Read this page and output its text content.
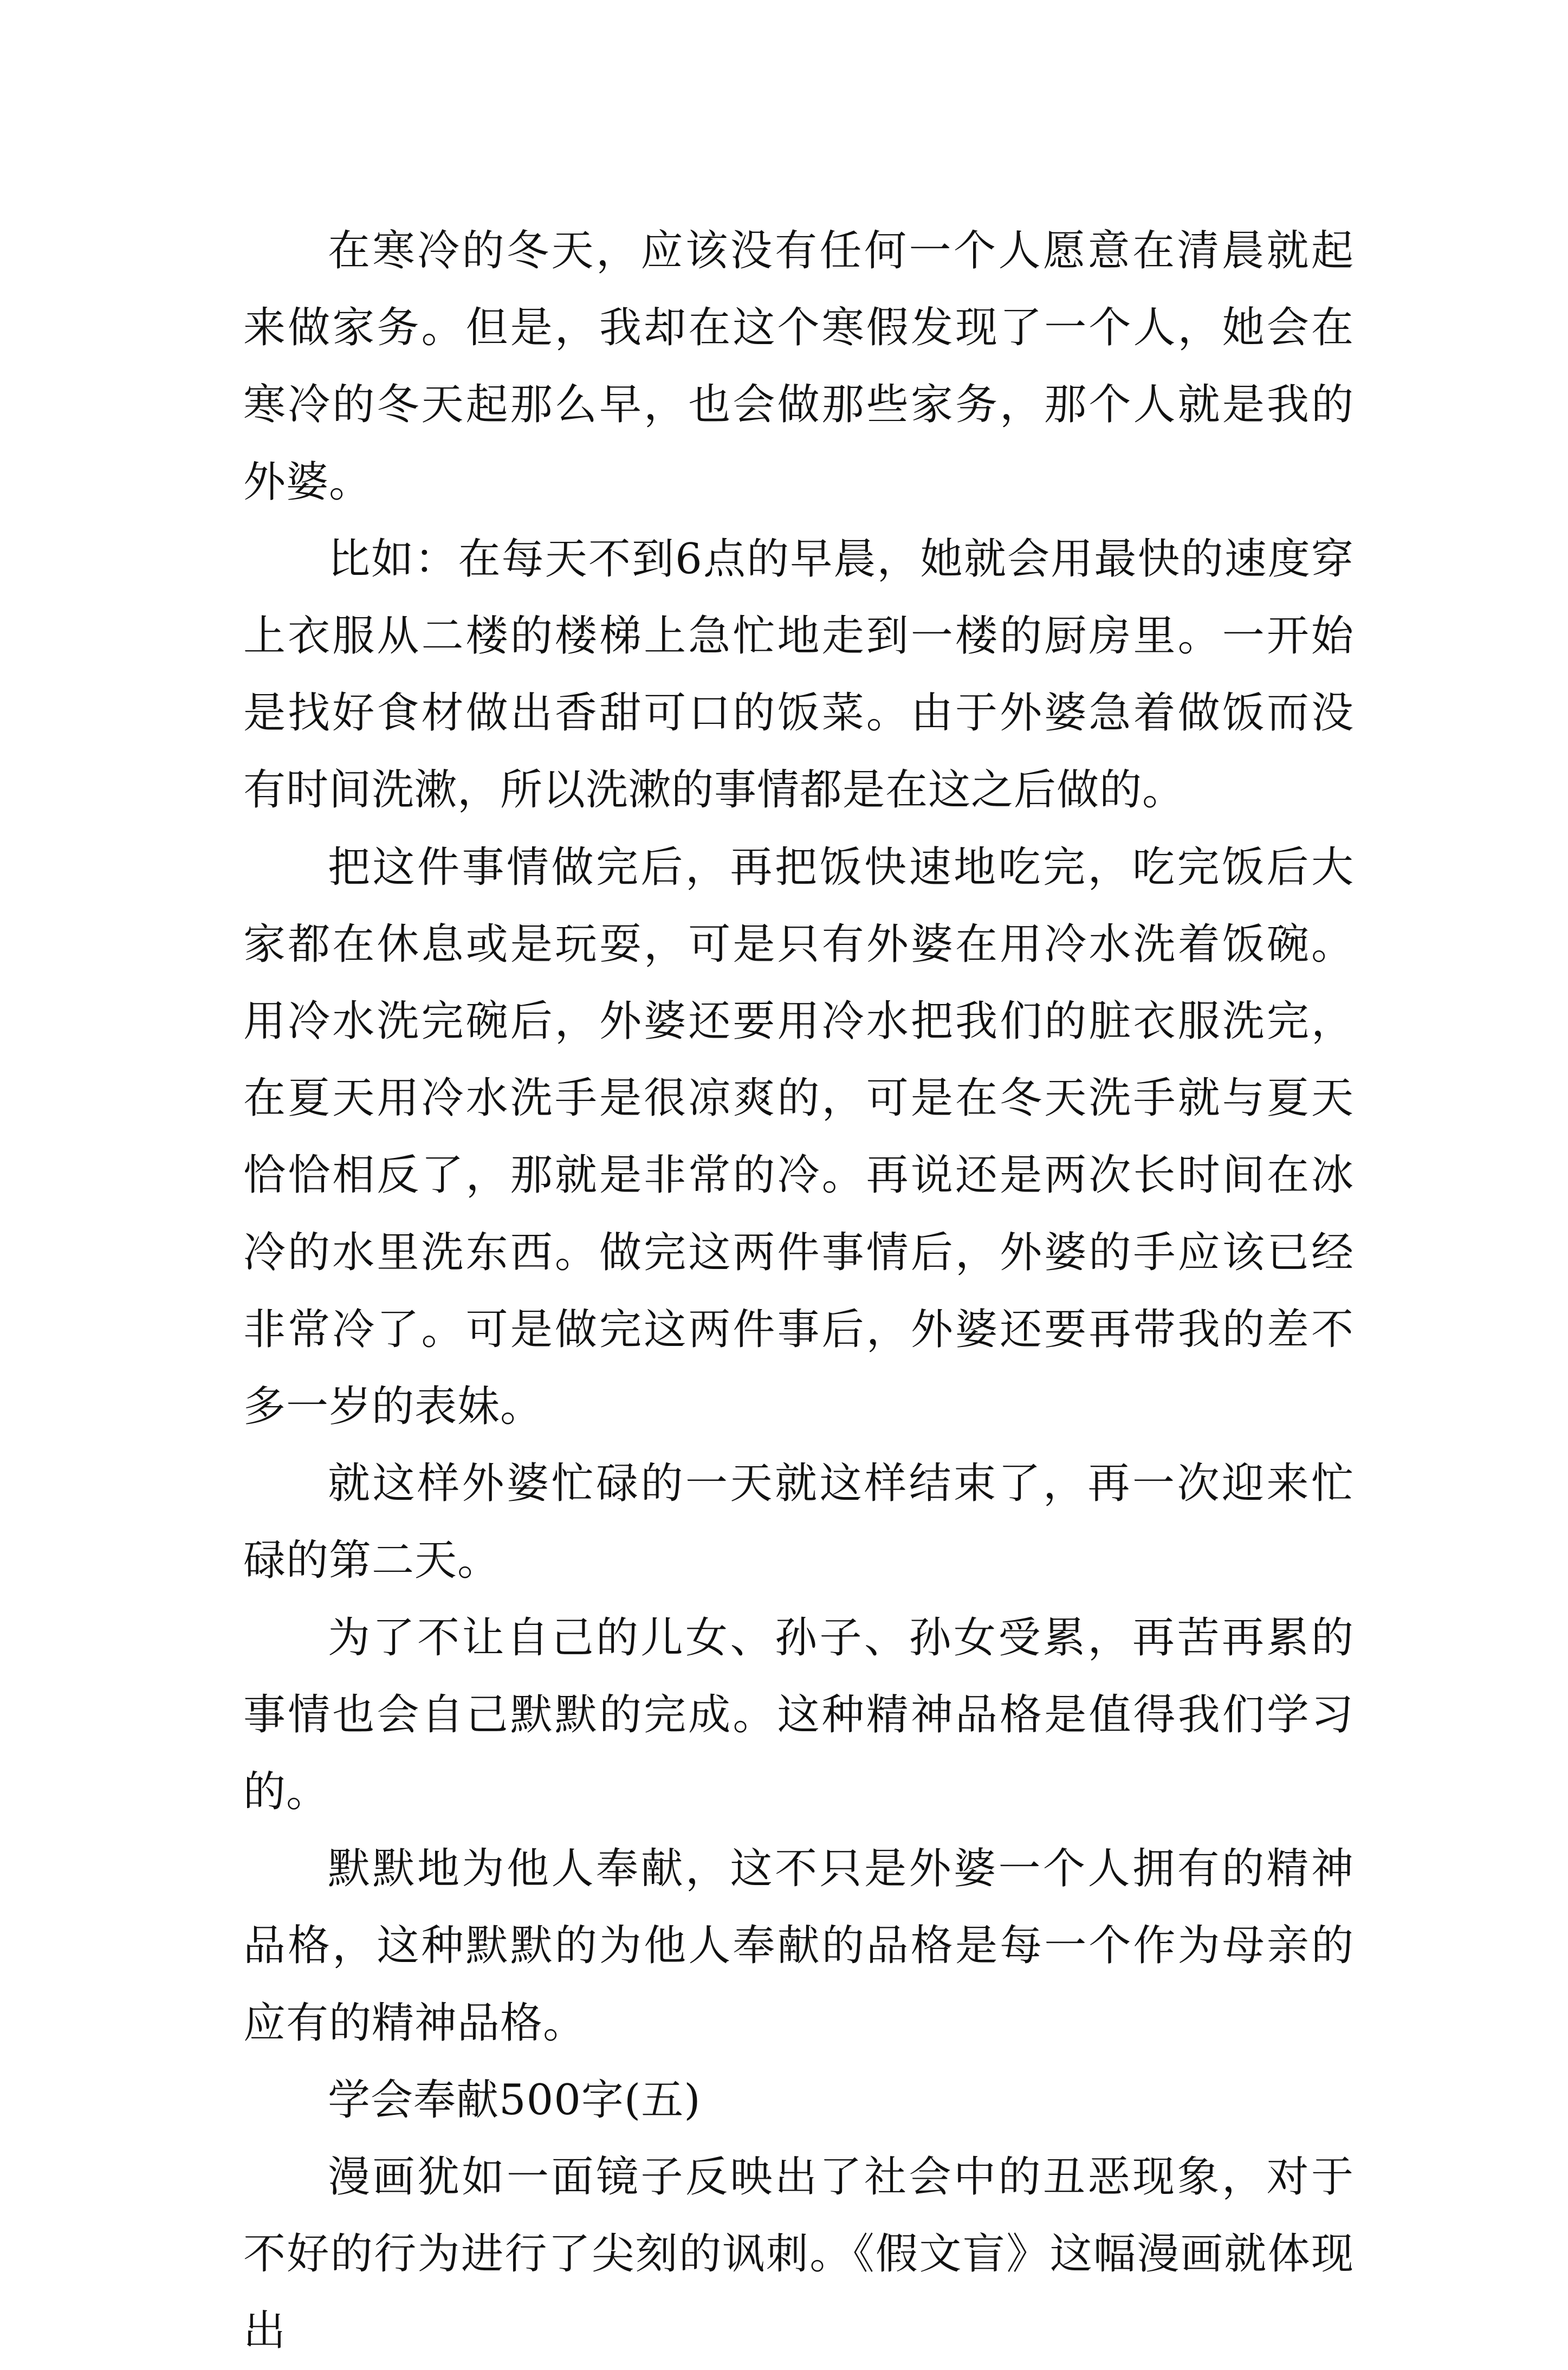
在寒冷的冬天，应该没有任何一个人愿意在清晨就起来做家务。但是，我却在这个寒假发现了一个人，她会在寒冷的冬天起那么早，也会做那些家务，那个人就是我的外婆。

比如：在每天不到6点的早晨，她就会用最快的速度穿上衣服从二楼的楼梯上急忙地走到一楼的厨房里。一开始是找好食材做出香甜可口的饭菜。由于外婆急着做饭而没有时间洗漱，所以洗漱的事情都是在这之后做的。

把这件事情做完后，再把饭快速地吃完，吃完饭后大家都在休息或是玩耍，可是只有外婆在用冷水洗着饭碗。用冷水洗完碗后，外婆还要用冷水把我们的脏衣服洗完，在夏天用冷水洗手是很凉爽的，可是在冬天洗手就与夏天恰恰相反了，那就是非常的冷。再说还是两次长时间在冰冷的水里洗东西。做完这两件事情后，外婆的手应该已经非常冷了。可是做完这两件事后，外婆还要再带我的差不多一岁的表妹。

就这样外婆忙碌的一天就这样结束了，再一次迎来忙碌的第二天。

为了不让自己的儿女、孙子、孙女受累，再苦再累的事情也会自己默默的完成。这种精神品格是值得我们学习的。

默默地为他人奉献，这不只是外婆一个人拥有的精神品格，这种默默的为他人奉献的品格是每一个作为母亲的应有的精神品格。

学会奉献500字(五)

漫画犹如一面镜子反映出了社会中的丑恶现象，对于不好的行为进行了尖刻的讽刺。《假文盲》这幅漫画就体现出
